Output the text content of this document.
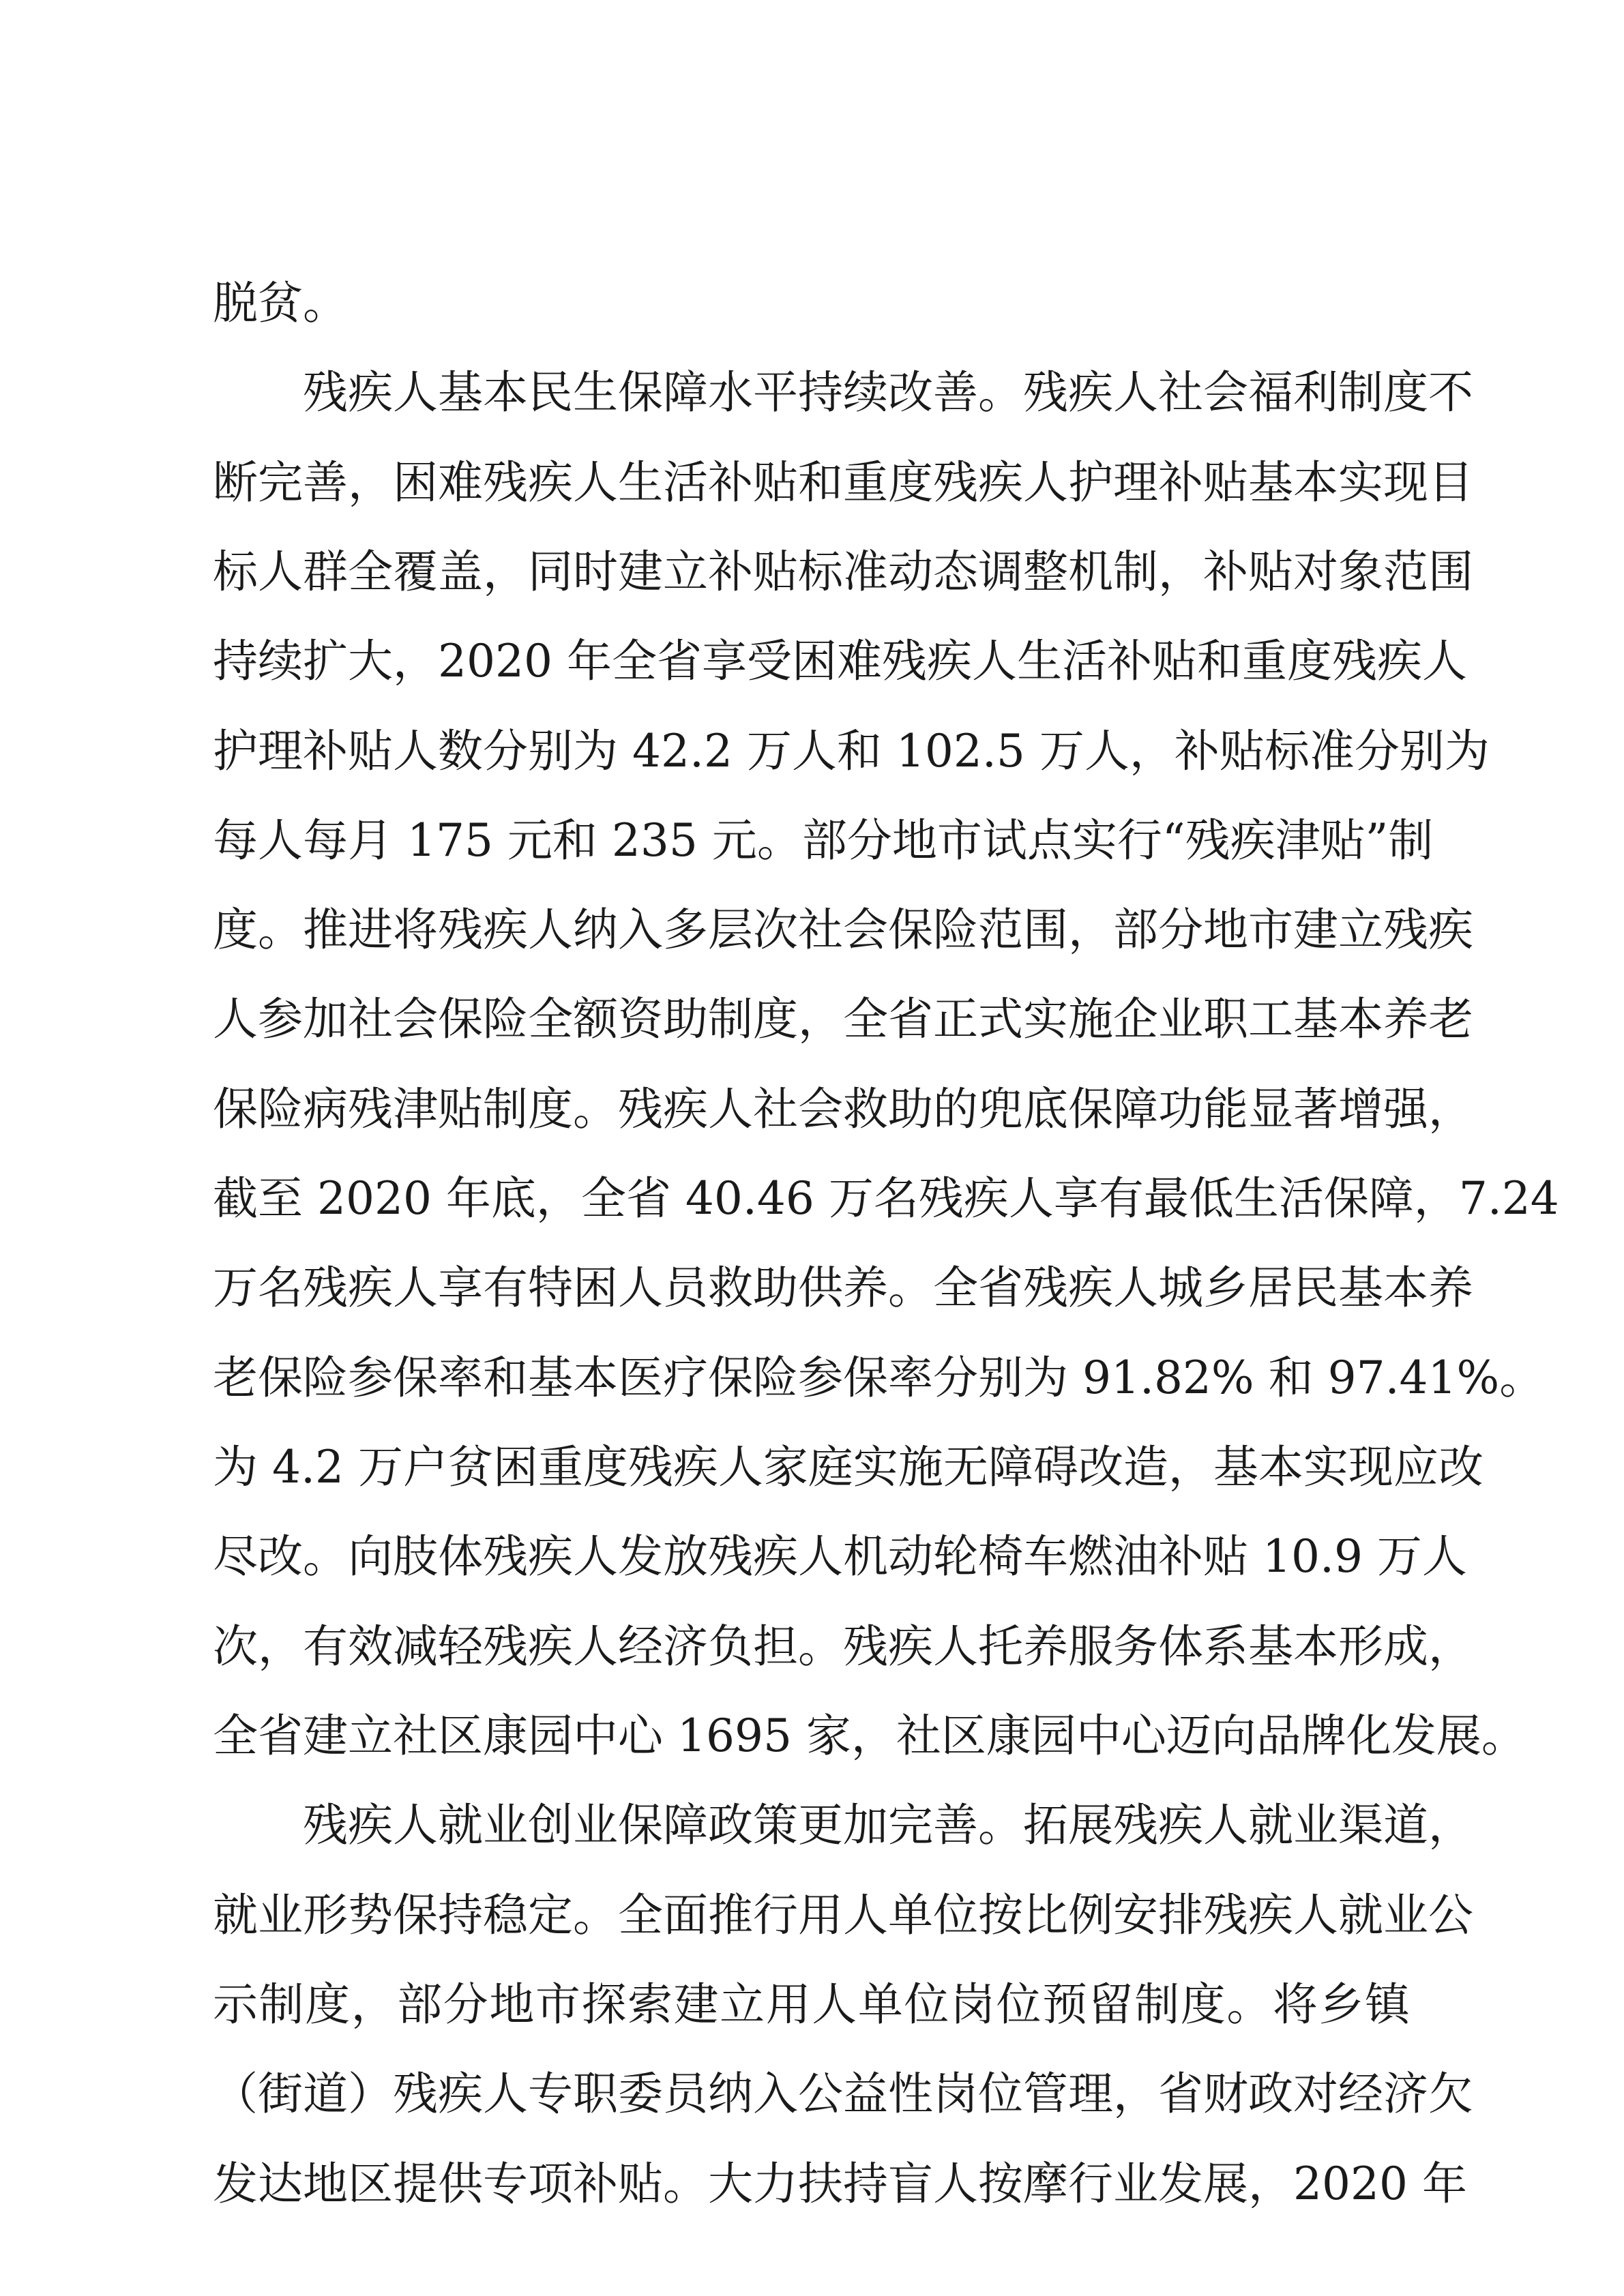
脱贫。
残疾人基本民生保障水平持续改善。残疾人社会福利制度不
断完善，困难残疾人生活补贴和重度残疾人护理补贴基本实现目
标人群全覆盖，同时建立补贴标准动态调整机制，补贴对象范围
持续扩大，2020 年全省享受困难残疾人生活补贴和重度残疾人
护理补贴人数分别为 42.2 万人和 102.5 万人，补贴标准分别为
每人每月 175 元和 235 元。部分地市试点实行“残疾津贴”制
度。推进将残疾人纳入多层次社会保险范围，部分地市建立残疾
人参加社会保险全额资助制度，全省正式实施企业职工基本养老
保险病残津贴制度。残疾人社会救助的兜底保障功能显著增强，
截至 2020 年底，全省 40.46 万名残疾人享有最低生活保障，7.24
万名残疾人享有特困人员救助供养。全省残疾人城乡居民基本养
老保险参保率和基本医疗保险参保率分别为 91.82% 和 97.41%。
为 4.2 万户贫困重度残疾人家庭实施无障碍改造，基本实现应改
尽改。向肢体残疾人发放残疾人机动轮椅车燃油补贴 10.9 万人
次，有效减轻残疾人经济负担。残疾人托养服务体系基本形成，
全省建立社区康园中心 1695 家，社区康园中心迈向品牌化发展。
残疾人就业创业保障政策更加完善。拓展残疾人就业渠道，
就业形势保持稳定。全面推行用人单位按比例安排残疾人就业公
示制度，部分地市探索建立用人单位岗位预留制度。将乡镇
（街道）残疾人专职委员纳入公益性岗位管理，省财政对经济欠
发达地区提供专项补贴。大力扶持盲人按摩行业发展，2020 年
